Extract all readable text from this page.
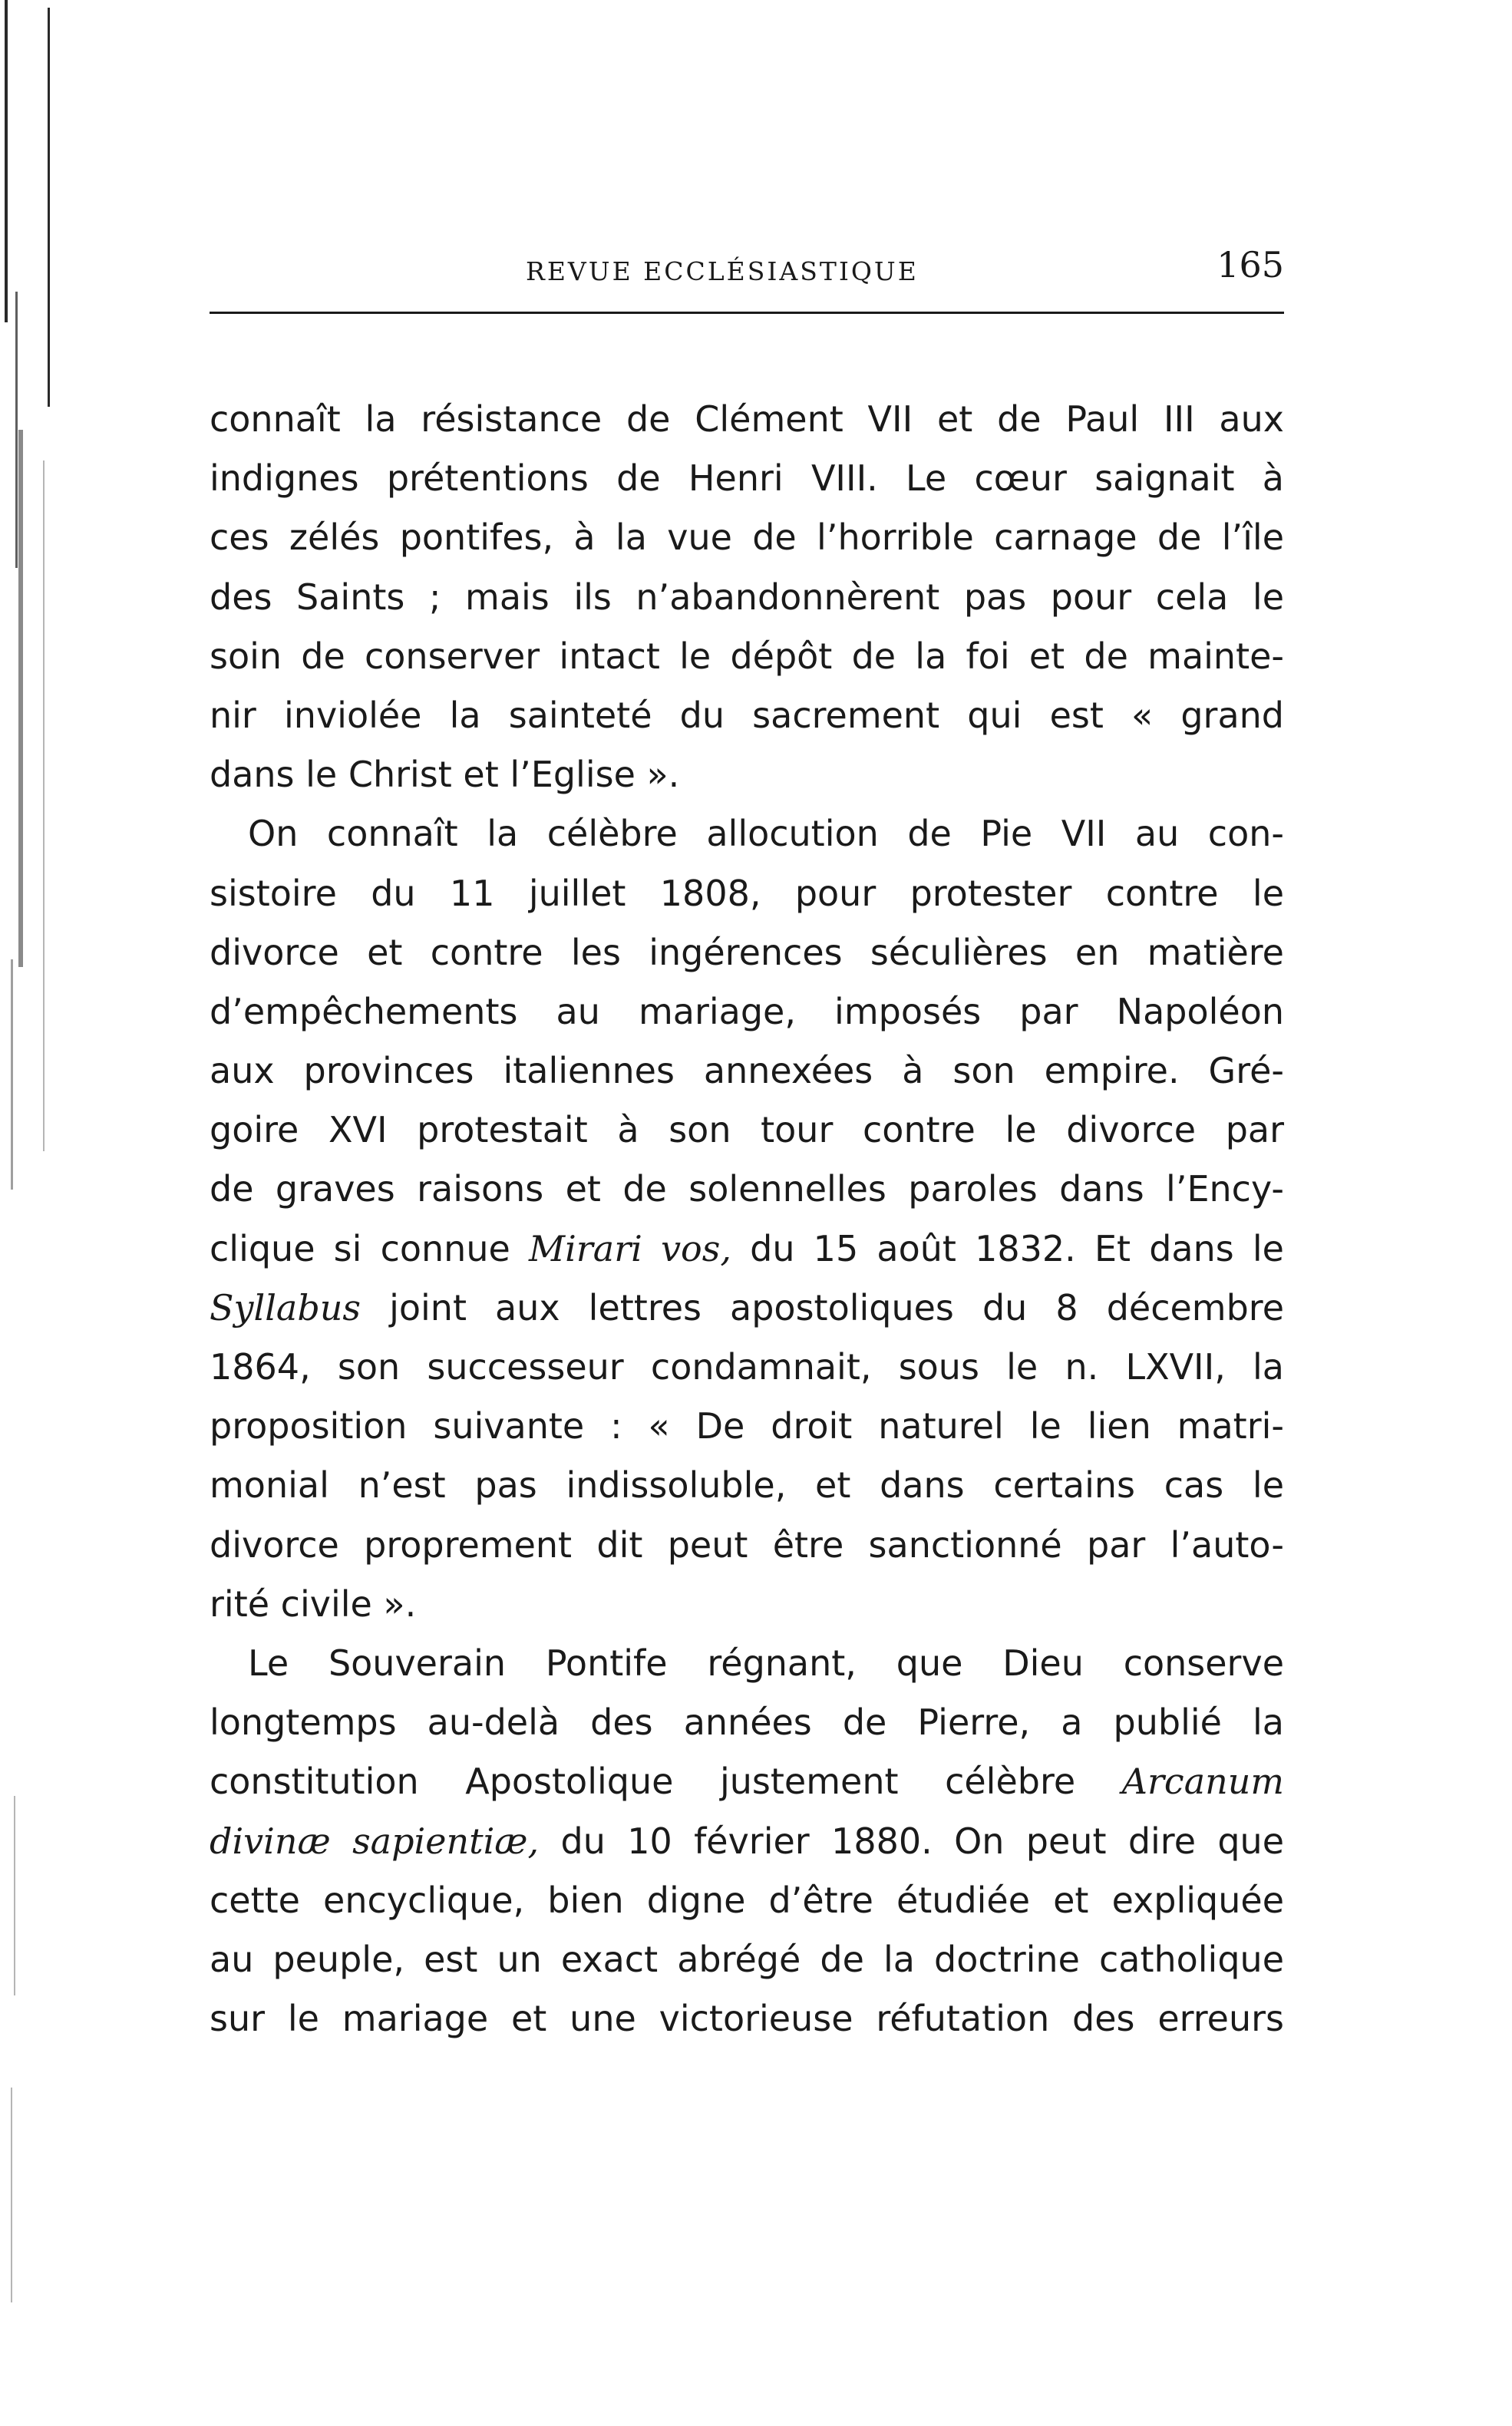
REVUE ECCLÉSIASTIQUE	165
connaît la résistance de Clément VII et de Paul III aux
indignes prétentions de Henri VIII. Le cœur saignait à
ces zélés pontifes, à la vue de l’horrible carnage de l’île
des Saints ; mais ils n’abandonnèrent pas pour cela le
soin de conserver intact le dépôt de la foi et de mainte-
nir inviolée la sainteté du sacrement qui est « grand
dans le Christ et l’Eglise ».
On connaît la célèbre allocution de Pie VII au con-
sistoire du 11 juillet 1808, pour protester contre le
divorce et contre les ingérences séculières en matière
d’empêchements au mariage, imposés par Napoléon
aux provinces italiennes annexées à son empire. Gré-
goire XVI protestait à son tour contre le divorce par
de graves raisons et de solennelles paroles dans l’Ency-
clique si connue Mirari vos, du 15 août 1832. Et dans le
Syllabus joint aux lettres apostoliques du 8 décembre
1864, son successeur condamnait, sous le n. LXVII, la
proposition suivante : « De droit naturel le lien matri-
monial n’est pas indissoluble, et dans certains cas le
divorce proprement dit peut être sanctionné par l’auto-
rité civile ».
Le Souverain Pontife régnant, que Dieu conserve
longtemps au-delà des années de Pierre, a publié la
constitution Apostolique justement célèbre Arcanum
divinæ sapientiæ, du 10 février 1880. On peut dire que
cette encyclique, bien digne d’être étudiée et expliquée
au peuple, est un exact abrégé de la doctrine catholique
sur le mariage et une victorieuse réfutation des erreurs
